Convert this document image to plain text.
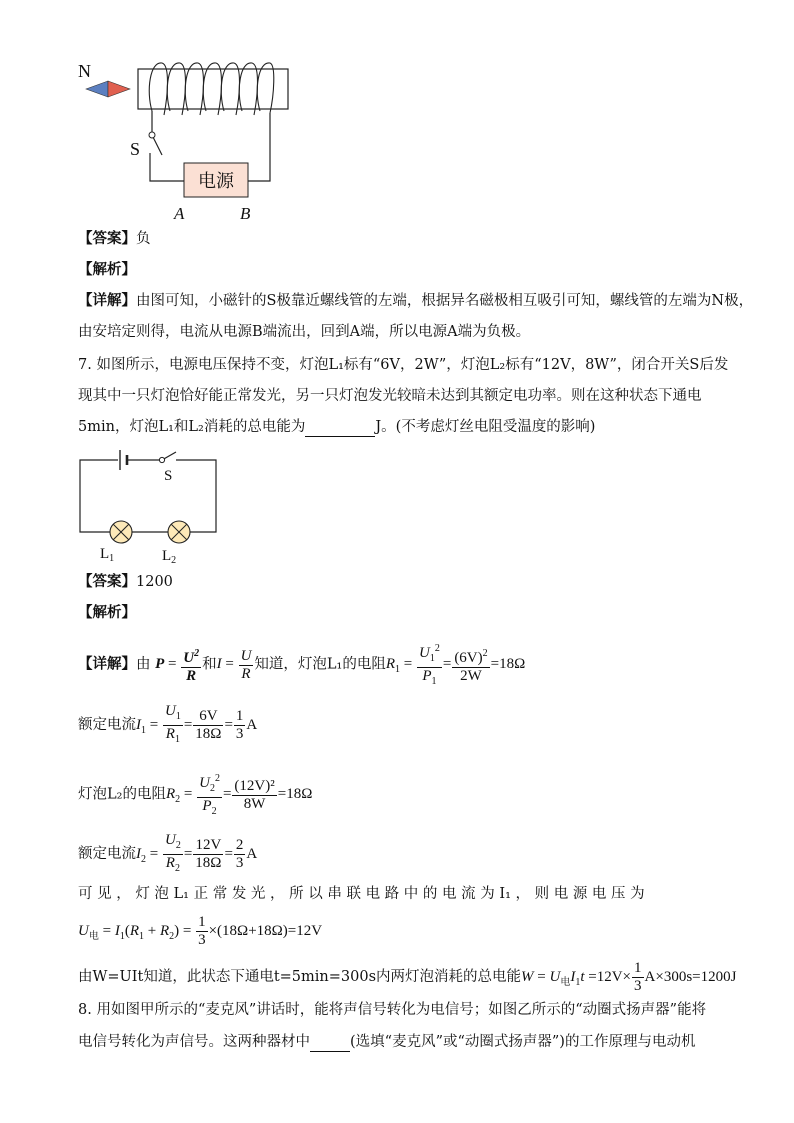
N
S
电源
A	B
【答案】负
【解析】
【详解】由图可知，小磁针的S极靠近螺线管的左端，根据异名磁极相互吸引可知，螺线管的左端为N极，
由安培定则得，电流从电源B端流出，回到A端，所以电源A端为负极。
7. 如图所示，电源电压保持不变，灯泡L₁标有“6V，2W”，灯泡L₂标有“12V，8W”，闭合开关S后发
现其中一只灯泡恰好能正常发光，另一只灯泡发光较暗未达到其额定电功率。则在这种状态下通电
5min，灯泡L₁和L₂消耗的总电能为	J。(不考虑灯丝电阻受温度的影响)
S
$L_1$	$L_2$
【答案】1200
【解析】
【详解】由 $P = \frac{U^2}{R}$ 和$I = \frac{U}{R}$ 知道，灯泡L₁的电阻$R_1 = \frac{U_1^2}{P_1} = \frac{(6V)^2}{2W} =18\Omega$
额定电流$I_1 = \frac{U_1}{R_1} = \frac{6V}{18\Omega} = \frac{1}{3}$ A
灯泡L₂的电阻$R_2 = \frac{U_2^2}{P_2} = \frac{\text{(12V)²}}{8W} =18\Omega$
额定电流$I_2 = \frac{U_2}{R_2} = \frac{12V}{18\Omega} = \frac{2}{3}$ A
可 见 ， 灯 泡 L₁ 正 常 发 光 ， 所 以 串 联 电 路 中 的 电 流 为 I₁ ， 则 电 源 电 压 为
$U_电 = I_1(R_1 + R_2) = \frac{1}{3} \times(18\Omega+18\Omega)=12V$
由W=UIt知道，此状态下通电t=5min=300s内两灯泡消耗的总电能$W = U_电I_1t =12V\times \frac{1}{3} A\times 300s=1200J$
8. 用如图甲所示的“麦克风”讲话时，能将声信号转化为电信号；如图乙所示的“动圈式扬声器”能将
电信号转化为声信号。这两种器材中	(选填“麦克风”或“动圈式扬声器”)的工作原理与电动机
